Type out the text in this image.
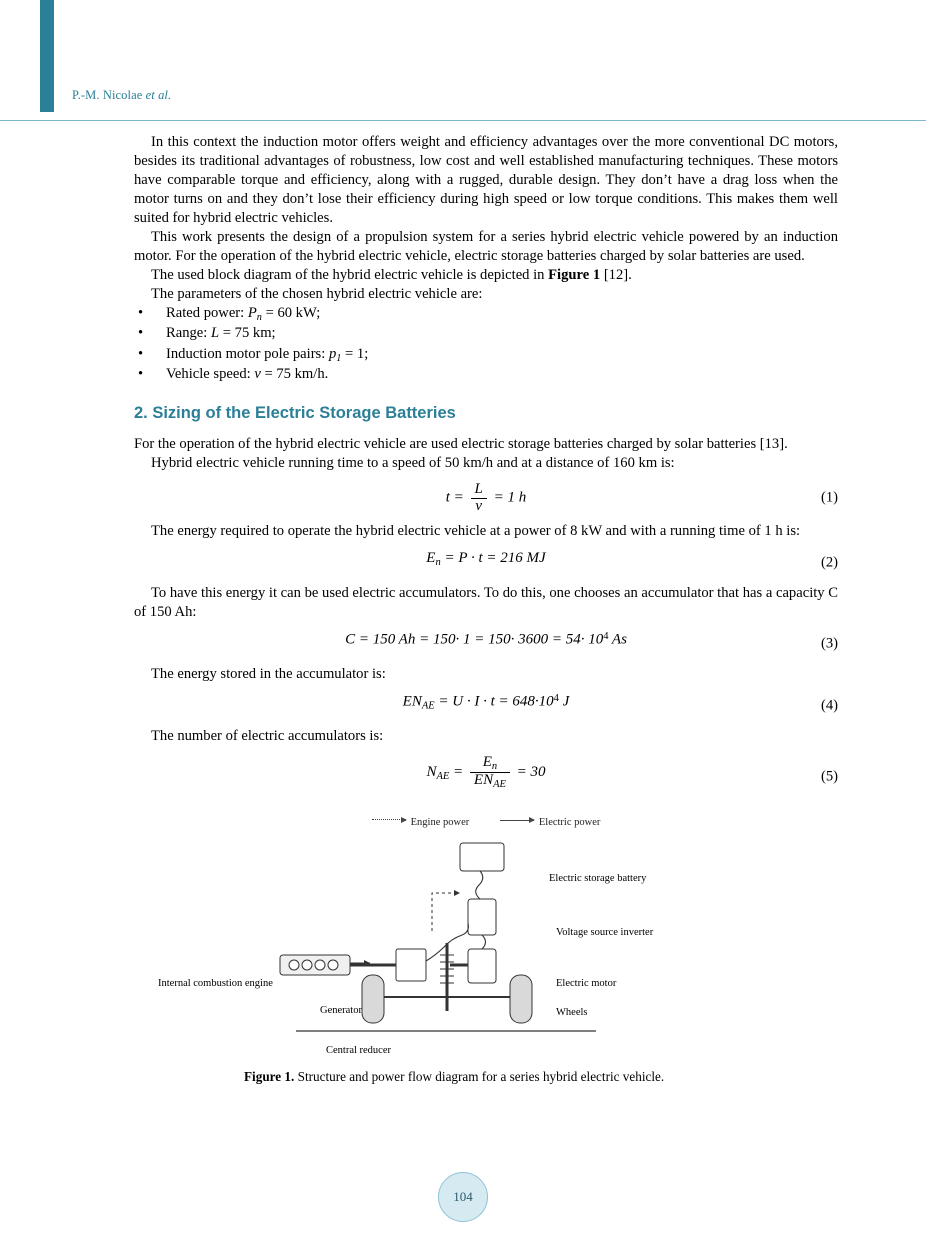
P.-M. Nicolae et al.

In this context the induction motor offers weight and efficiency advantages over the more conventional DC motors, besides its traditional advantages of robustness, low cost and well established manufacturing techniques. These motors have comparable torque and efficiency, along with a rugged, durable design. They don’t have a drag loss when the motor turns on and they don’t lose their efficiency during high speed or low torque conditions. This makes them well suited for hybrid electric vehicles.

This work presents the design of a propulsion system for a series hybrid electric vehicle powered by an induction motor. For the operation of the hybrid electric vehicle, electric storage batteries charged by solar batteries are used.

The used block diagram of the hybrid electric vehicle is depicted in Figure 1 [12].

The parameters of the chosen hybrid electric vehicle are:

• Rated power: $P_n = 60$ kW;
• Range: L = 75 km;
• Induction motor pole pairs: $p_1 = 1$;
• Vehicle speed: v = 75 km/h.
2. Sizing of the Electric Storage Batteries

For the operation of the hybrid electric vehicle are used electric storage batteries charged by solar batteries [13].

Hybrid electric vehicle running time to a speed of 50 km/h and at a distance of 160 km is:

$t = \frac{L}{v} = 1$ h	(1)

The energy required to operate the hybrid electric vehicle at a power of 8 kW and with a running time of 1 h is:

$E_n = P \cdot t = 216$ MJ	(2)

To have this energy it can be used electric accumulators. To do this, one chooses an accumulator that has a capacity C of 150 Ah:

C = 150 $Ah = 150\cdot 1 = 150\cdot 3600 = 54\cdot 10^4$ As	(3)

The energy stored in the accumulator is:

$EN_{AE} = U \cdot I \cdot t = 648\cdot 10^4$ J	(4)

The number of electric accumulators is:

$N_{AE} = \frac{E_n}{EN_{AE}} = 30$	(5)
Engine power	Electric power
Electric storage battery
Voltage source inverter
Internal combustion engine	Electric motor
Generator	Wheels
Central reducer
Figure 1. Structure and power flow diagram for a series hybrid electric vehicle.
104
